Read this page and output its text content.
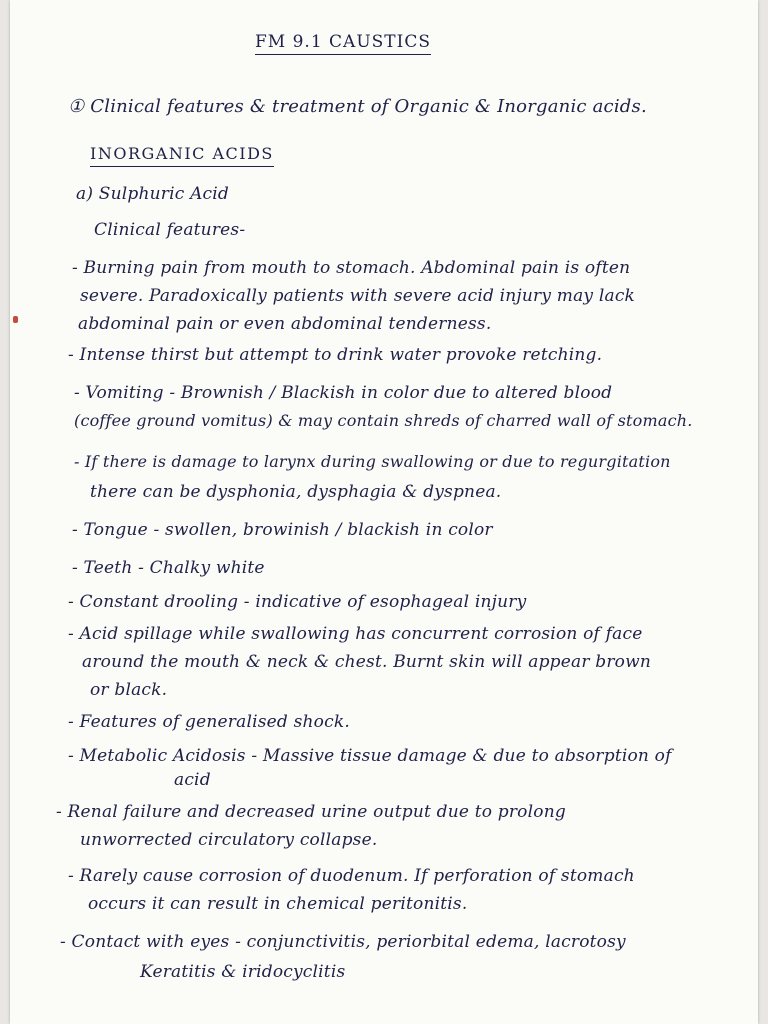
FM 9.1 CAUSTICS
① Clinical features & treatment of Organic & Inorganic acids.
INORGANIC ACIDS
a) Sulphuric Acid
Clinical features-
- Burning pain from mouth to stomach. Abdominal pain is often
severe. Paradoxically patients with severe acid injury may lack
abdominal pain or even abdominal tenderness.
- Intense thirst but attempt to drink water provoke retching.
- Vomiting - Brownish / Blackish in color due to altered blood
(coffee ground vomitus) & may contain shreds of charred wall of stomach.
- If there is damage to larynx during swallowing or due to regurgitation
there can be dysphonia, dysphagia & dyspnea.
- Tongue - swollen, browinish / blackish in color
- Teeth - Chalky white
- Constant drooling - indicative of esophageal injury
- Acid spillage while swallowing has concurrent corrosion of face
around the mouth & neck & chest. Burnt skin will appear brown
or black.
- Features of generalised shock.
- Metabolic Acidosis - Massive tissue damage & due to absorption of
acid
- Renal failure and decreased urine output due to prolong
unworrected circulatory collapse.
- Rarely cause corrosion of duodenum. If perforation of stomach
occurs it can result in chemical peritonitis.
- Contact with eyes - conjunctivitis, periorbital edema, lacrotosy
Keratitis & iridocyclitis
